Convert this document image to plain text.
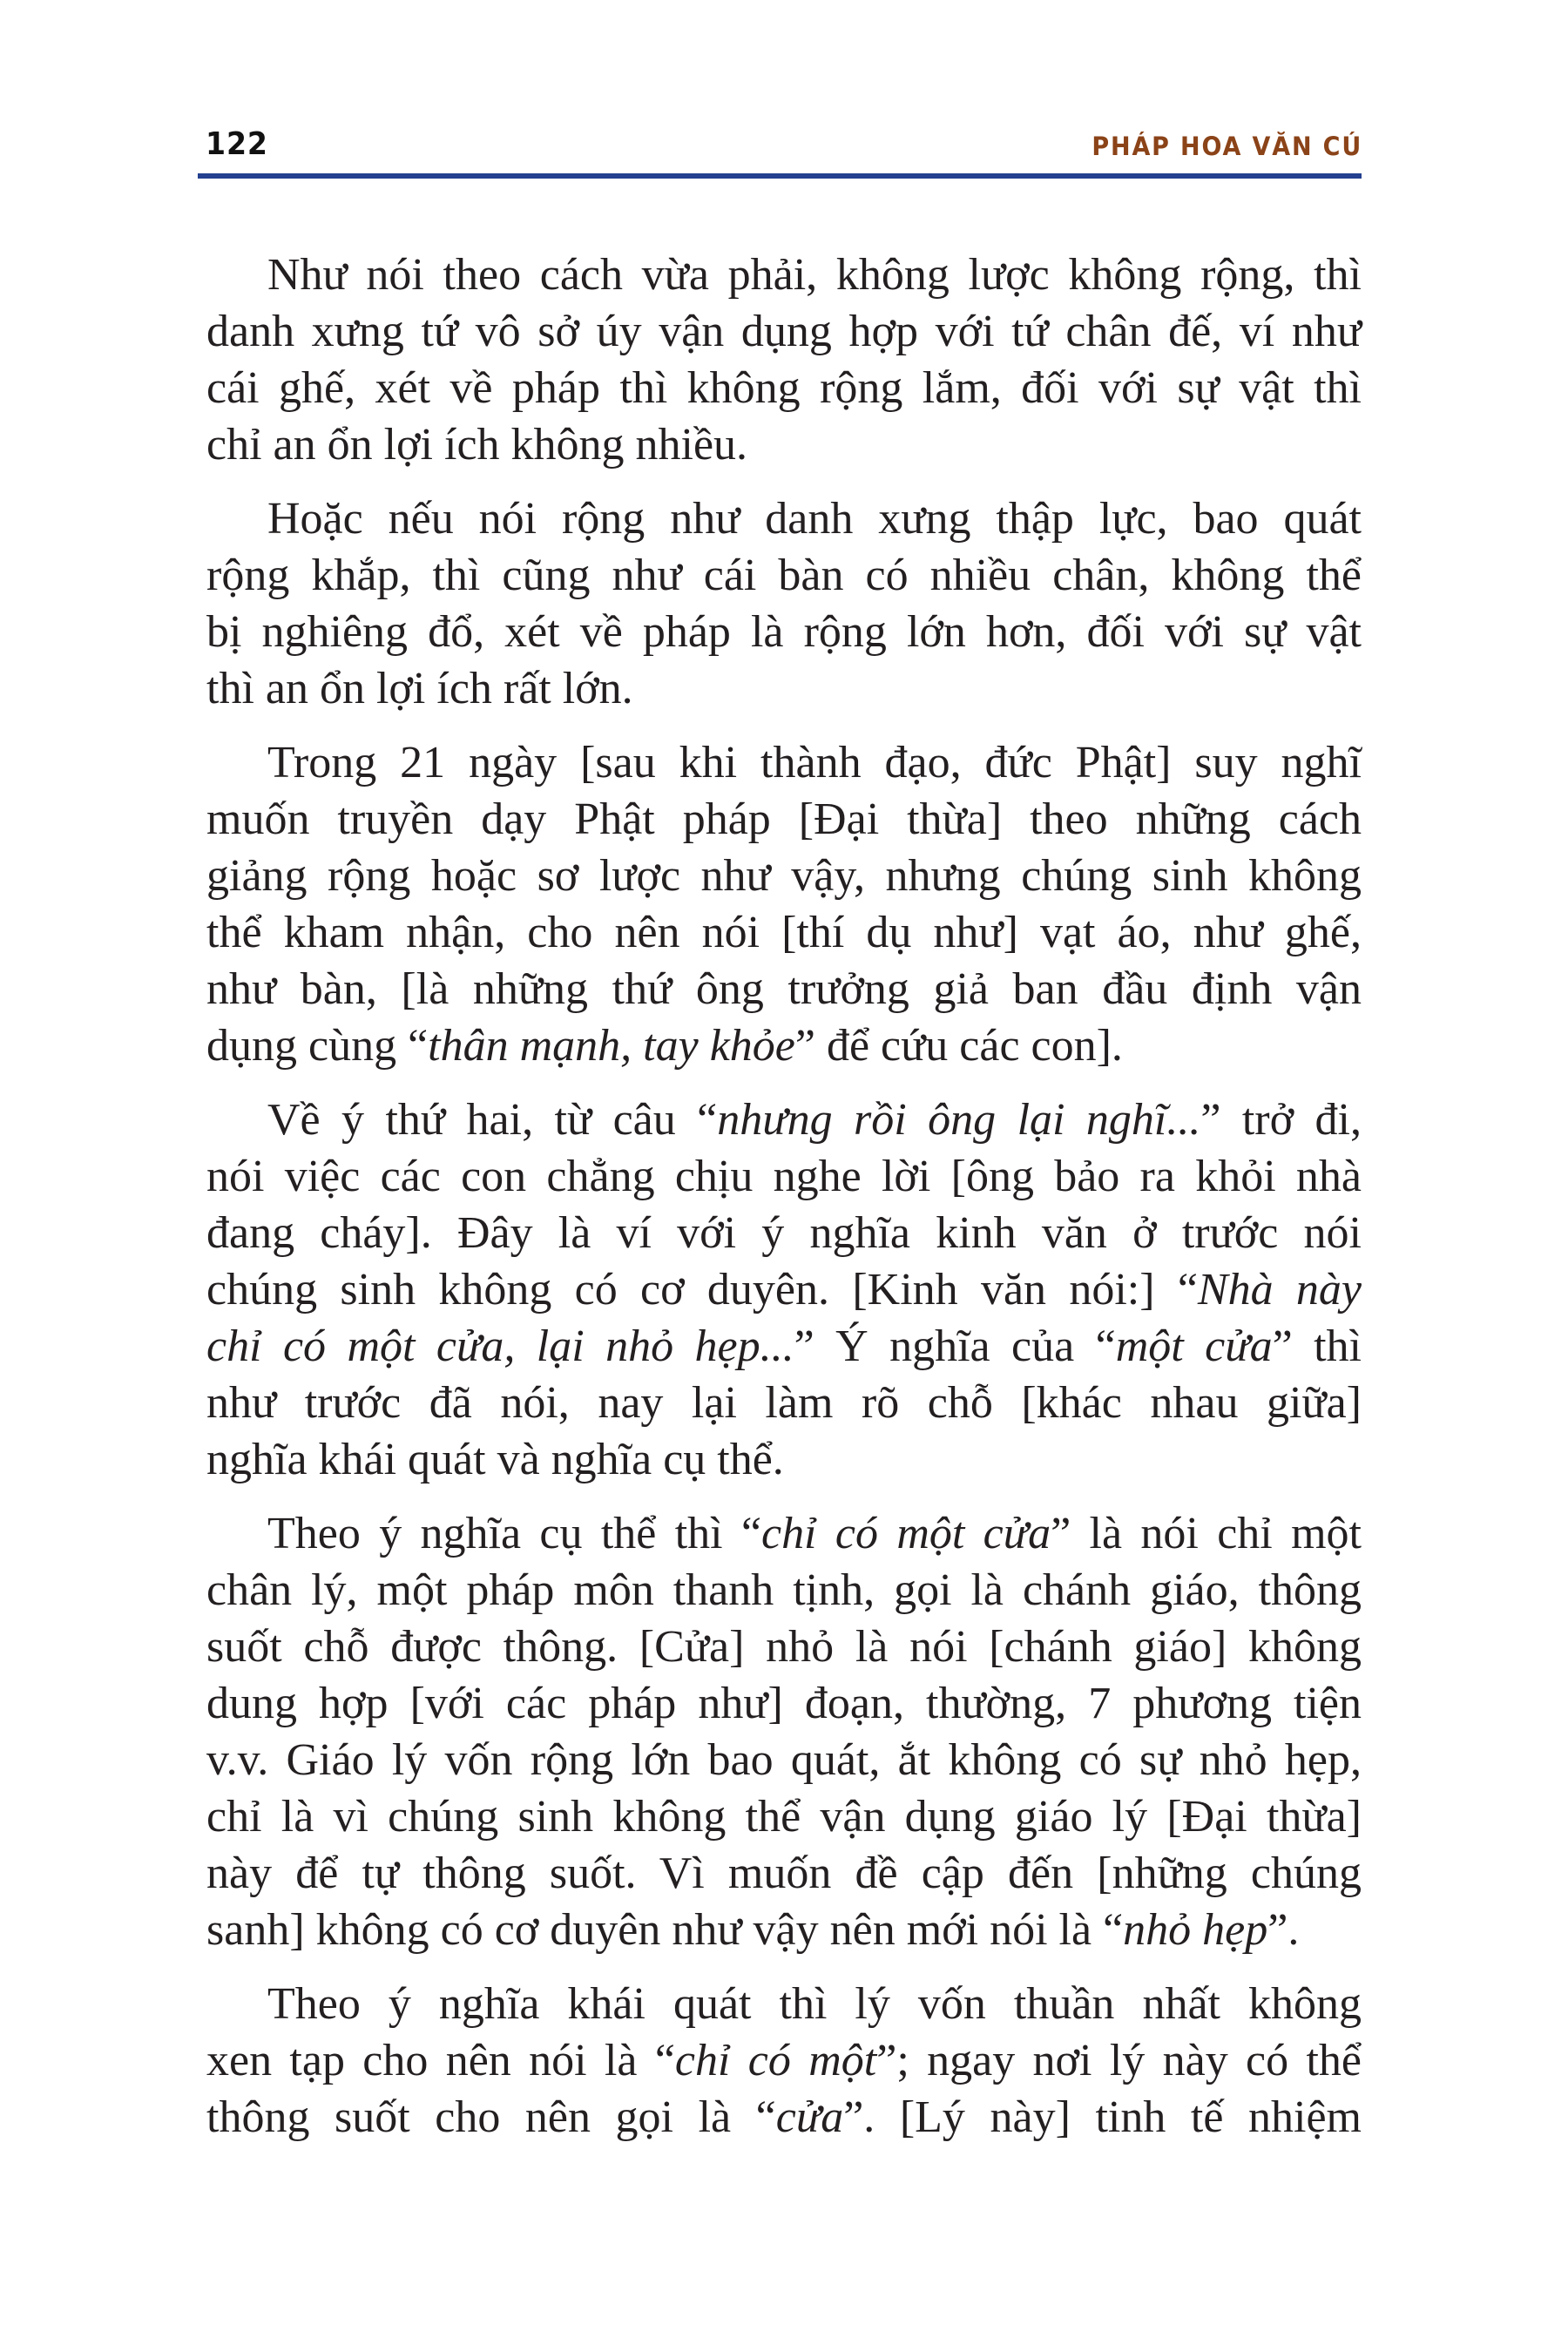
122	PHÁP HOA VĂN CÚ
Như nói theo cách vừa phải, không lược không rộng, thì
danh xưng tứ vô sở úy vận dụng hợp với tứ chân đế, ví như
cái ghế, xét về pháp thì không rộng lắm, đối với sự vật thì
chỉ an ổn lợi ích không nhiều.
Hoặc nếu nói rộng như danh xưng thập lực, bao quát
rộng khắp, thì cũng như cái bàn có nhiều chân, không thể
bị nghiêng đổ, xét về pháp là rộng lớn hơn, đối với sự vật
thì an ổn lợi ích rất lớn.
Trong 21 ngày [sau khi thành đạo, đức Phật] suy nghĩ
muốn truyền dạy Phật pháp [Đại thừa] theo những cách
giảng rộng hoặc sơ lược như vậy, nhưng chúng sinh không
thể kham nhận, cho nên nói [thí dụ như] vạt áo, như ghế,
như bàn, [là những thứ ông trưởng giả ban đầu định vận
dụng cùng “thân mạnh, tay khỏe” để cứu các con].
Về ý thứ hai, từ câu “nhưng rồi ông lại nghĩ...” trở đi,
nói việc các con chẳng chịu nghe lời [ông bảo ra khỏi nhà
đang cháy]. Đây là ví với ý nghĩa kinh văn ở trước nói
chúng sinh không có cơ duyên. [Kinh văn nói:] “Nhà này
chỉ có một cửa, lại nhỏ hẹp...” Ý nghĩa của “một cửa” thì
như trước đã nói, nay lại làm rõ chỗ [khác nhau giữa]
nghĩa khái quát và nghĩa cụ thể.
Theo ý nghĩa cụ thể thì “chỉ có một cửa” là nói chỉ một
chân lý, một pháp môn thanh tịnh, gọi là chánh giáo, thông
suốt chỗ được thông. [Cửa] nhỏ là nói [chánh giáo] không
dung hợp [với các pháp như] đoạn, thường, 7 phương tiện
v.v. Giáo lý vốn rộng lớn bao quát, ắt không có sự nhỏ hẹp,
chỉ là vì chúng sinh không thể vận dụng giáo lý [Đại thừa]
này để tự thông suốt. Vì muốn đề cập đến [những chúng
sanh] không có cơ duyên như vậy nên mới nói là “nhỏ hẹp”.
Theo ý nghĩa khái quát thì lý vốn thuần nhất không
xen tạp cho nên nói là “chỉ có một”; ngay nơi lý này có thể
thông suốt cho nên gọi là “cửa”. [Lý này] tinh tế nhiệm
